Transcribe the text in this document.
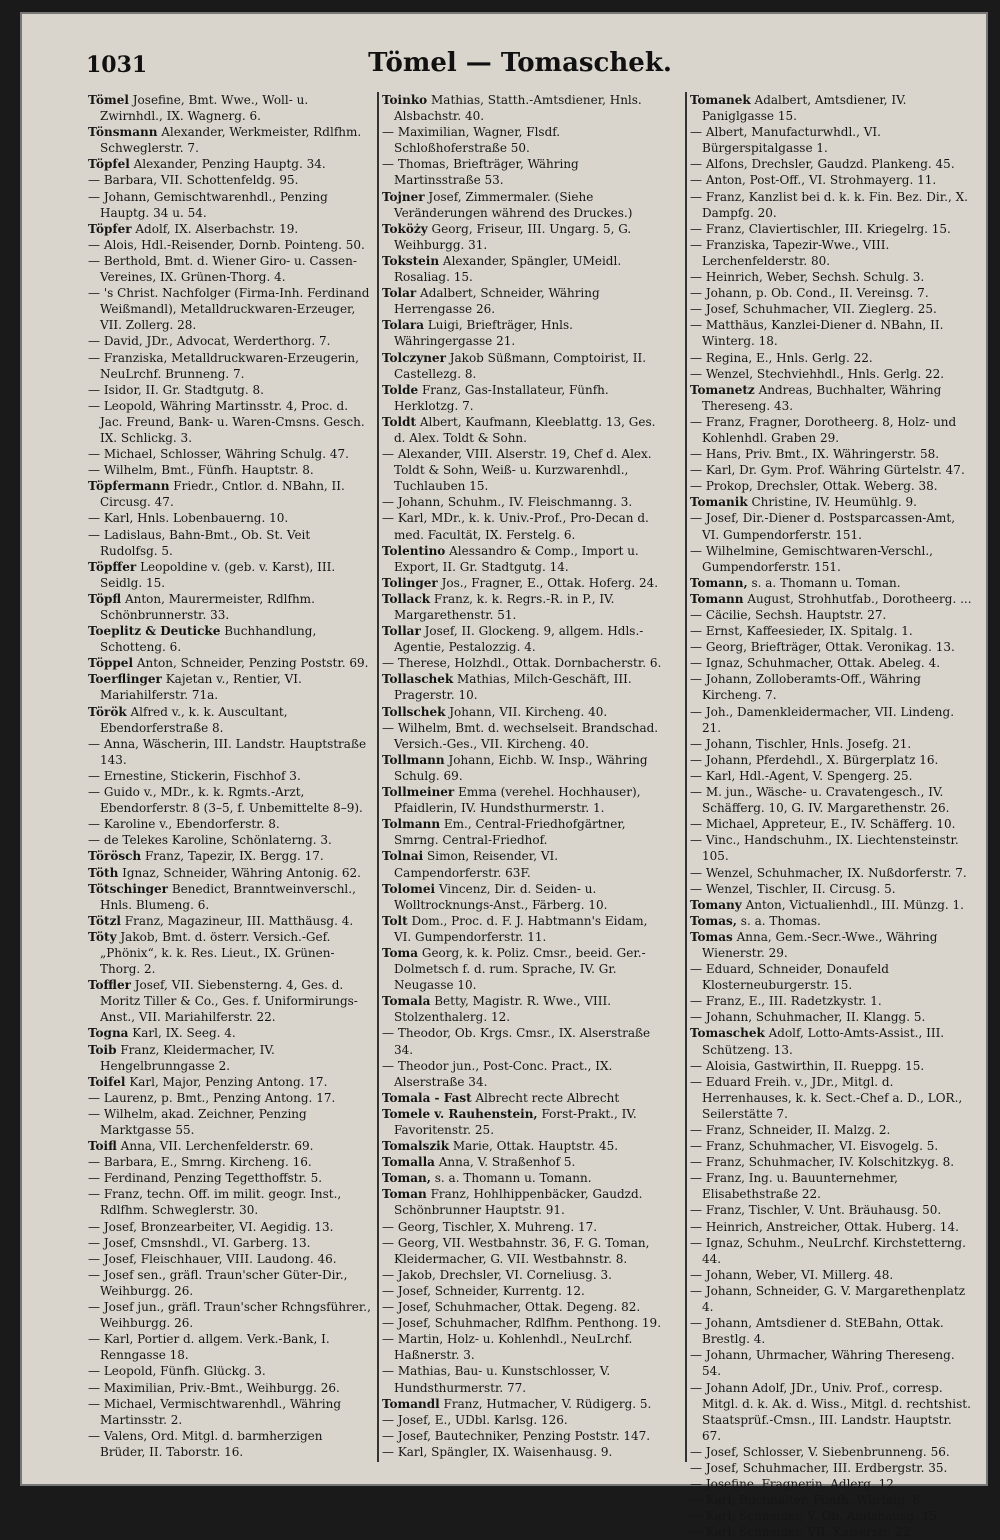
1031	Tömel — Tomaschek.

Tömel Josefine, Bmt. Wwe., Woll- u. Zwirnhdl., IX. Wagnerg. 6.

Tönsmann Alexander, Werkmeister, Rdlfhm. Schweglerstr. 7.

Töpfel Alexander, Penzing Hauptg. 34.

— Barbara, VII. Schottenfeldg. 95.

— Johann, Gemischtwarenhdl., Penzing Hauptg. 34 u. 54.

Töpfer Adolf, IX. Alserbachstr. 19.

— Alois, Hdl.-Reisender, Dornb. Pointeng. 50.

— Berthold, Bmt. d. Wiener Giro- u. Cassen-Vereines, IX. Grünen-Thorg. 4.

— 's Christ. Nachfolger (Firma-Inh. Ferdinand Weißmandl), Metalldruckwaren-Erzeuger, VII. Zollerg. 28.

— David, JDr., Advocat, Werderthorg. 7.

— Franziska, Metalldruckwaren-Erzeugerin, NeuLrchf. Brunneng. 7.

— Isidor, II. Gr. Stadtgutg. 8.

— Leopold, Währing Martinsstr. 4, Proc. d. Jac. Freund, Bank- u. Waren-Cmsns. Gesch. IX. Schlickg. 3.

— Michael, Schlosser, Währing Schulg. 47.

— Wilhelm, Bmt., Fünfh. Hauptstr. 8.

Töpfermann Friedr., Cntlor. d. NBahn, II. Circusg. 47.

— Karl, Hnls. Lobenbauerng. 10.

— Ladislaus, Bahn-Bmt., Ob. St. Veit Rudolfsg. 5.

Töpffer Leopoldine v. (geb. v. Karst), III. Seidlg. 15.

Töpfl Anton, Maurermeister, Rdlfhm. Schönbrunnerstr. 33.

Toeplitz & Deuticke Buchhandlung, Schotteng. 6.

Töppel Anton, Schneider, Penzing Poststr. 69.

Toerflinger Kajetan v., Rentier, VI. Mariahilferstr. 71a.

Török Alfred v., k. k. Auscultant, Ebendorferstraße 8.

— Anna, Wäscherin, III. Landstr. Hauptstraße 143.

— Ernestine, Stickerin, Fischhof 3.

— Guido v., MDr., k. k. Rgmts.-Arzt, Ebendorferstr. 8 (3–5, f. Unbemittelte 8–9).

— Karoline v., Ebendorferstr. 8.

— de Telekes Karoline, Schönlaterng. 3.

Törösch Franz, Tapezir, IX. Bergg. 17.

Töth Ignaz, Schneider, Währing Antonig. 62.

Tötschinger Benedict, Branntweinverschl., Hnls. Blumeng. 6.

Tötzl Franz, Magazineur, III. Matthäusg. 4.

Töty Jakob, Bmt. d. österr. Versich.-Gef. „Phönix“, k. k. Res. Lieut., IX. Grünen-Thorg. 2.

Toffler Josef, VII. Siebensterng. 4, Ges. d. Moritz Tiller & Co., Ges. f. Uniformirungs-Anst., VII. Mariahilferstr. 22.

Togna Karl, IX. Seeg. 4.

Toib Franz, Kleidermacher, IV. Hengelbrunngasse 2.

Toifel Karl, Major, Penzing Antong. 17.

— Laurenz, p. Bmt., Penzing Antong. 17.

— Wilhelm, akad. Zeichner, Penzing Marktgasse 55.

Toifl Anna, VII. Lerchenfelderstr. 69.

— Barbara, E., Smrng. Kircheng. 16.

— Ferdinand, Penzing Tegetthoffstr. 5.

— Franz, techn. Off. im milit. geogr. Inst., Rdlfhm. Schweglerstr. 30.

— Josef, Bronzearbeiter, VI. Aegidig. 13.

— Josef, Cmsnshdl., VI. Garberg. 13.

— Josef, Fleischhauer, VIII. Laudong. 46.

— Josef sen., gräfl. Traun'scher Güter-Dir., Weihburgg. 26.

— Josef jun., gräfl. Traun'scher Rchngsführer., Weihburgg. 26.

— Karl, Portier d. allgem. Verk.-Bank, I. Renngasse 18.

— Leopold, Fünfh. Glückg. 3.

— Maximilian, Priv.-Bmt., Weihburgg. 26.

— Michael, Vermischtwarenhdl., Währing Martinsstr. 2.

— Valens, Ord. Mitgl. d. barmherzigen Brüder, II. Taborstr. 16.

Toinko Mathias, Statth.-Amtsdiener, Hnls. Alsbachstr. 40.

— Maximilian, Wagner, Flsdf. Schloßhoferstraße 50.

— Thomas, Briefträger, Währing Martinsstraße 53.

Tojner Josef, Zimmermaler. (Siehe Veränderungen während des Druckes.)

Toköży Georg, Friseur, III. Ungarg. 5, G. Weihburgg. 31.

Tokstein Alexander, Spängler, UMeidl. Rosaliag. 15.

Tolar Adalbert, Schneider, Währing Herrengasse 26.

Tolara Luigi, Briefträger, Hnls. Währingergasse 21.

Tolczyner Jakob Süßmann, Comptoirist, II. Castellezg. 8.

Tolde Franz, Gas-Installateur, Fünfh. Herklotzg. 7.

Toldt Albert, Kaufmann, Kleeblattg. 13, Ges. d. Alex. Toldt & Sohn.

— Alexander, VIII. Alserstr. 19, Chef d. Alex. Toldt & Sohn, Weiß- u. Kurzwarenhdl., Tuchlauben 15.

— Johann, Schuhm., IV. Fleischmanng. 3.

— Karl, MDr., k. k. Univ.-Prof., Pro-Decan d. med. Facultät, IX. Ferstelg. 6.

Tolentino Alessandro & Comp., Import u. Export, II. Gr. Stadtgutg. 14.

Tolinger Jos., Fragner, E., Ottak. Hoferg. 24.

Tollack Franz, k. k. Regrs.-R. in P., IV. Margarethenstr. 51.

Tollar Josef, II. Glockeng. 9, allgem. Hdls.-Agentie, Pestalozzig. 4.

— Therese, Holzhdl., Ottak. Dornbacherstr. 6.

Tollaschek Mathias, Milch-Geschäft, III. Pragerstr. 10.

Tollschek Johann, VII. Kircheng. 40.

— Wilhelm, Bmt. d. wechselseit. Brandschad. Versich.-Ges., VII. Kircheng. 40.

Tollmann Johann, Eichb. W. Insp., Währing Schulg. 69.

Tollmeiner Emma (verehel. Hochhauser), Pfaidlerin, IV. Hundsthurmerstr. 1.

Tolmann Em., Central-Friedhofgärtner, Smrng. Central-Friedhof.

Tolnai Simon, Reisender, VI. Campendorferstr. 63F.

Tolomei Vincenz, Dir. d. Seiden- u. Wolltrocknungs-Anst., Färberg. 10.

Tolt Dom., Proc. d. F. J. Habtmann's Eidam, VI. Gumpendorferstr. 11.

Toma Georg, k. k. Poliz. Cmsr., beeid. Ger.-Dolmetsch f. d. rum. Sprache, IV. Gr. Neugasse 10.

Tomala Betty, Magistr. R. Wwe., VIII. Stolzenthalerg. 12.

— Theodor, Ob. Krgs. Cmsr., IX. Alserstraße 34.

— Theodor jun., Post-Conc. Pract., IX. Alserstraße 34.

Tomala - Fast Albrecht recte Albrecht

Tomele v. Rauhenstein, Forst-Prakt., IV. Favoritenstr. 25.

Tomalszik Marie, Ottak. Hauptstr. 45.

Tomalla Anna, V. Straßenhof 5.

Toman, s. a. Thomann u. Tomann.

Toman Franz, Hohlhippenbäcker, Gaudzd. Schönbrunner Hauptstr. 91.

— Georg, Tischler, X. Muhreng. 17.

— Georg, VII. Westbahnstr. 36, F. G. Toman, Kleidermacher, G. VII. Westbahnstr. 8.

— Jakob, Drechsler, VI. Corneliusg. 3.

— Josef, Schneider, Kurrentg. 12.

— Josef, Schuhmacher, Ottak. Degeng. 82.

— Josef, Schuhmacher, Rdlfhm. Penthong. 19.

— Martin, Holz- u. Kohlenhdl., NeuLrchf. Haßnerstr. 3.

— Mathias, Bau- u. Kunstschlosser, V. Hundsthurmerstr. 77.

Tomandl Franz, Hutmacher, V. Rüdigerg. 5.

— Josef, E., UDbl. Karlsg. 126.

— Josef, Bautechniker, Penzing Poststr. 147.

— Karl, Spängler, IX. Waisenhausg. 9.

Tomanek Adalbert, Amtsdiener, IV. Paniglgasse 15.

— Albert, Manufacturwhdl., VI. Bürgerspitalgasse 1.

— Alfons, Drechsler, Gaudzd. Plankeng. 45.

— Anton, Post-Off., VI. Strohmayerg. 11.

— Franz, Kanzlist bei d. k. k. Fin. Bez. Dir., X. Dampfg. 20.

— Franz, Claviertischler, III. Kriegelrg. 15.

— Franziska, Tapezir-Wwe., VIII. Lerchenfelderstr. 80.

— Heinrich, Weber, Sechsh. Schulg. 3.

— Johann, p. Ob. Cond., II. Vereinsg. 7.

— Josef, Schuhmacher, VII. Zieglerg. 25.

— Matthäus, Kanzlei-Diener d. NBahn, II. Winterg. 18.

— Regina, E., Hnls. Gerlg. 22.

— Wenzel, Stechviehhdl., Hnls. Gerlg. 22.

Tomanetz Andreas, Buchhalter, Währing Thereseng. 43.

— Franz, Fragner, Dorotheerg. 8, Holz- und Kohlenhdl. Graben 29.

— Hans, Priv. Bmt., IX. Währingerstr. 58.

— Karl, Dr. Gym. Prof. Währing Gürtelstr. 47.

— Prokop, Drechsler, Ottak. Weberg. 38.

Tomanik Christine, IV. Heumühlg. 9.

— Josef, Dir.-Diener d. Postsparcassen-Amt, VI. Gumpendorferstr. 151.

— Wilhelmine, Gemischtwaren-Verschl., Gumpendorferstr. 151.

Tomann, s. a. Thomann u. Toman.

Tomann August, Strohhutfab., Dorotheerg. ...

— Cäcilie, Sechsh. Hauptstr. 27.

— Ernst, Kaffeesieder, IX. Spitalg. 1.

— Georg, Briefträger, Ottak. Veronikag. 13.

— Ignaz, Schuhmacher, Ottak. Abeleg. 4.

— Johann, Zolloberamts-Off., Währing Kircheng. 7.

— Joh., Damenkleidermacher, VII. Lindeng. 21.

— Johann, Tischler, Hnls. Josefg. 21.

— Johann, Pferdehdl., X. Bürgerplatz 16.

— Karl, Hdl.-Agent, V. Spengerg. 25.

— M. jun., Wäsche- u. Cravatengesch., IV. Schäfferg. 10, G. IV. Margarethenstr. 26.

— Michael, Appreteur, E., IV. Schäfferg. 10.

— Vinc., Handschuhm., IX. Liechtensteinstr. 105.

— Wenzel, Schuhmacher, IX. Nußdorferstr. 7.

— Wenzel, Tischler, II. Circusg. 5.

Tomany Anton, Victualienhdl., III. Münzg. 1.

Tomas, s. a. Thomas.

Tomas Anna, Gem.-Secr.-Wwe., Währing Wienerstr. 29.

— Eduard, Schneider, Donaufeld Klosterneuburgerstr. 15.

— Franz, E., III. Radetzkystr. 1.

— Johann, Schuhmacher, II. Klangg. 5.

Tomaschek Adolf, Lotto-Amts-Assist., III. Schützeng. 13.

— Aloisia, Gastwirthin, II. Rueppg. 15.

— Eduard Freih. v., JDr., Mitgl. d. Herrenhauses, k. k. Sect.-Chef a. D., LOR., Seilerstätte 7.

— Franz, Schneider, II. Malzg. 2.

— Franz, Schuhmacher, VI. Eisvogelg. 5.

— Franz, Schuhmacher, IV. Kolschitzkyg. 8.

— Franz, Ing. u. Bauunternehmer, Elisabethstraße 22.

— Franz, Tischler, V. Unt. Bräuhausg. 50.

— Heinrich, Anstreicher, Ottak. Huberg. 14.

— Ignaz, Schuhm., NeuLrchf. Kirchstetterng. 44.

— Johann, Weber, VI. Millerg. 48.

— Johann, Schneider, G. V. Margarethenplatz 4.

— Johann, Amtsdiener d. StEBahn, Ottak. Brestlg. 4.

— Johann, Uhrmacher, Währing Thereseng. 54.

— Johann Adolf, JDr., Univ. Prof., corresp. Mitgl. d. k. Ak. d. Wiss., Mitgl. d. rechtshist. Staatsprüf.-Cmsn., III. Landstr. Hauptstr. 67.

— Josef, Schlosser, V. Siebenbrunneng. 56.

— Josef, Schuhmacher, III. Erdbergstr. 35.

— Josefine, Fragnerin, Adlerg. 12.

— Karl, Buchhalter, Fünfh. Würfelg. 6.

— Karl, Schneider, V. Ob. Amtshausg. 15.

— Karl, Schneider, VII. Kaiserstr. 22.
